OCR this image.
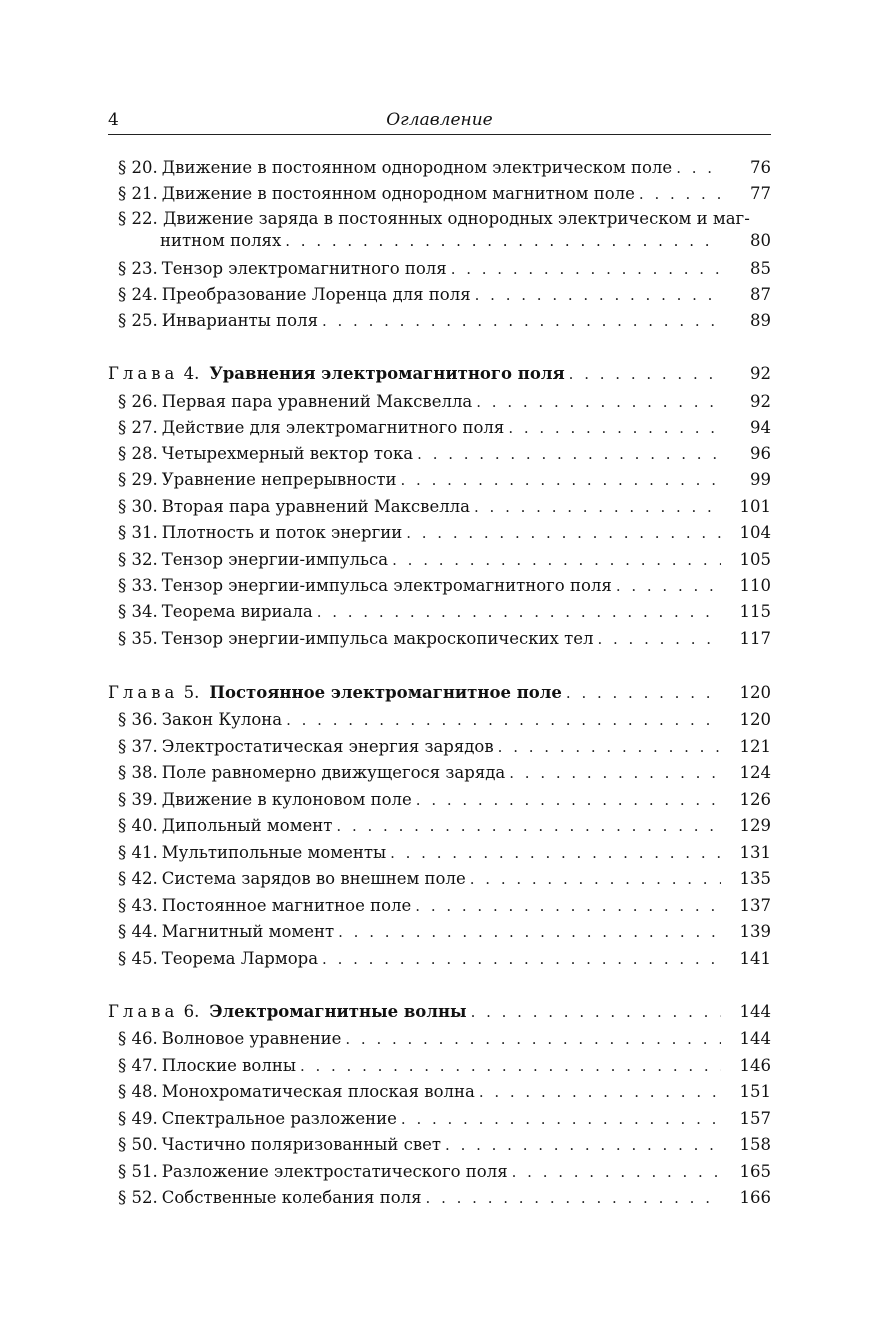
4	Оглавление
§ 20. Движение в постоянном однородном электрическом поле . . .	76
§ 21. Движение в постоянном однородном магнитном поле . . .	77
§ 22. Движение заряда в постоянных однородных электрическом и маг-
нитном полях . . .	80
§ 23. Тензор электромагнитного поля . . .	85
§ 24. Преобразование Лоренца для поля . . .	87
§ 25. Инварианты поля . . .	89
Глава 4. Уравнения электромагнитного поля . . .	92
§ 26. Первая пара уравнений Максвелла . . .	92
§ 27. Действие для электромагнитного поля . . .	94
§ 28. Четырехмерный вектор тока . . .	96
§ 29. Уравнение непрерывности . . .	99
§ 30. Вторая пара уравнений Максвелла . . .	101
§ 31. Плотность и поток энергии . . .	104
§ 32. Тензор энергии-импульса . . .	105
§ 33. Тензор энергии-импульса электромагнитного поля . . .	110
§ 34. Теорема вириала . . .	115
§ 35. Тензор энергии-импульса макроскопических тел . . .	117
Глава 5. Постоянное электромагнитное поле . . .	120
§ 36. Закон Кулона . . .	120
§ 37. Электростатическая энергия зарядов . . .	121
§ 38. Поле равномерно движущегося заряда . . .	124
§ 39. Движение в кулоновом поле . . .	126
§ 40. Дипольный момент . . .	129
§ 41. Мультипольные моменты . . .	131
§ 42. Система зарядов во внешнем поле . . .	135
§ 43. Постоянное магнитное поле . . .	137
§ 44. Магнитный момент . . .	139
§ 45. Теорема Лармора . . .	141
Глава 6. Электромагнитные волны . . .	144
§ 46. Волновое уравнение . . .	144
§ 47. Плоские волны . . .	146
§ 48. Монохроматическая плоская волна . . .	151
§ 49. Спектральное разложение . . .	157
§ 50. Частично поляризованный свет . . .	158
§ 51. Разложение электростатического поля . . .	165
§ 52. Собственные колебания поля . . .	166
